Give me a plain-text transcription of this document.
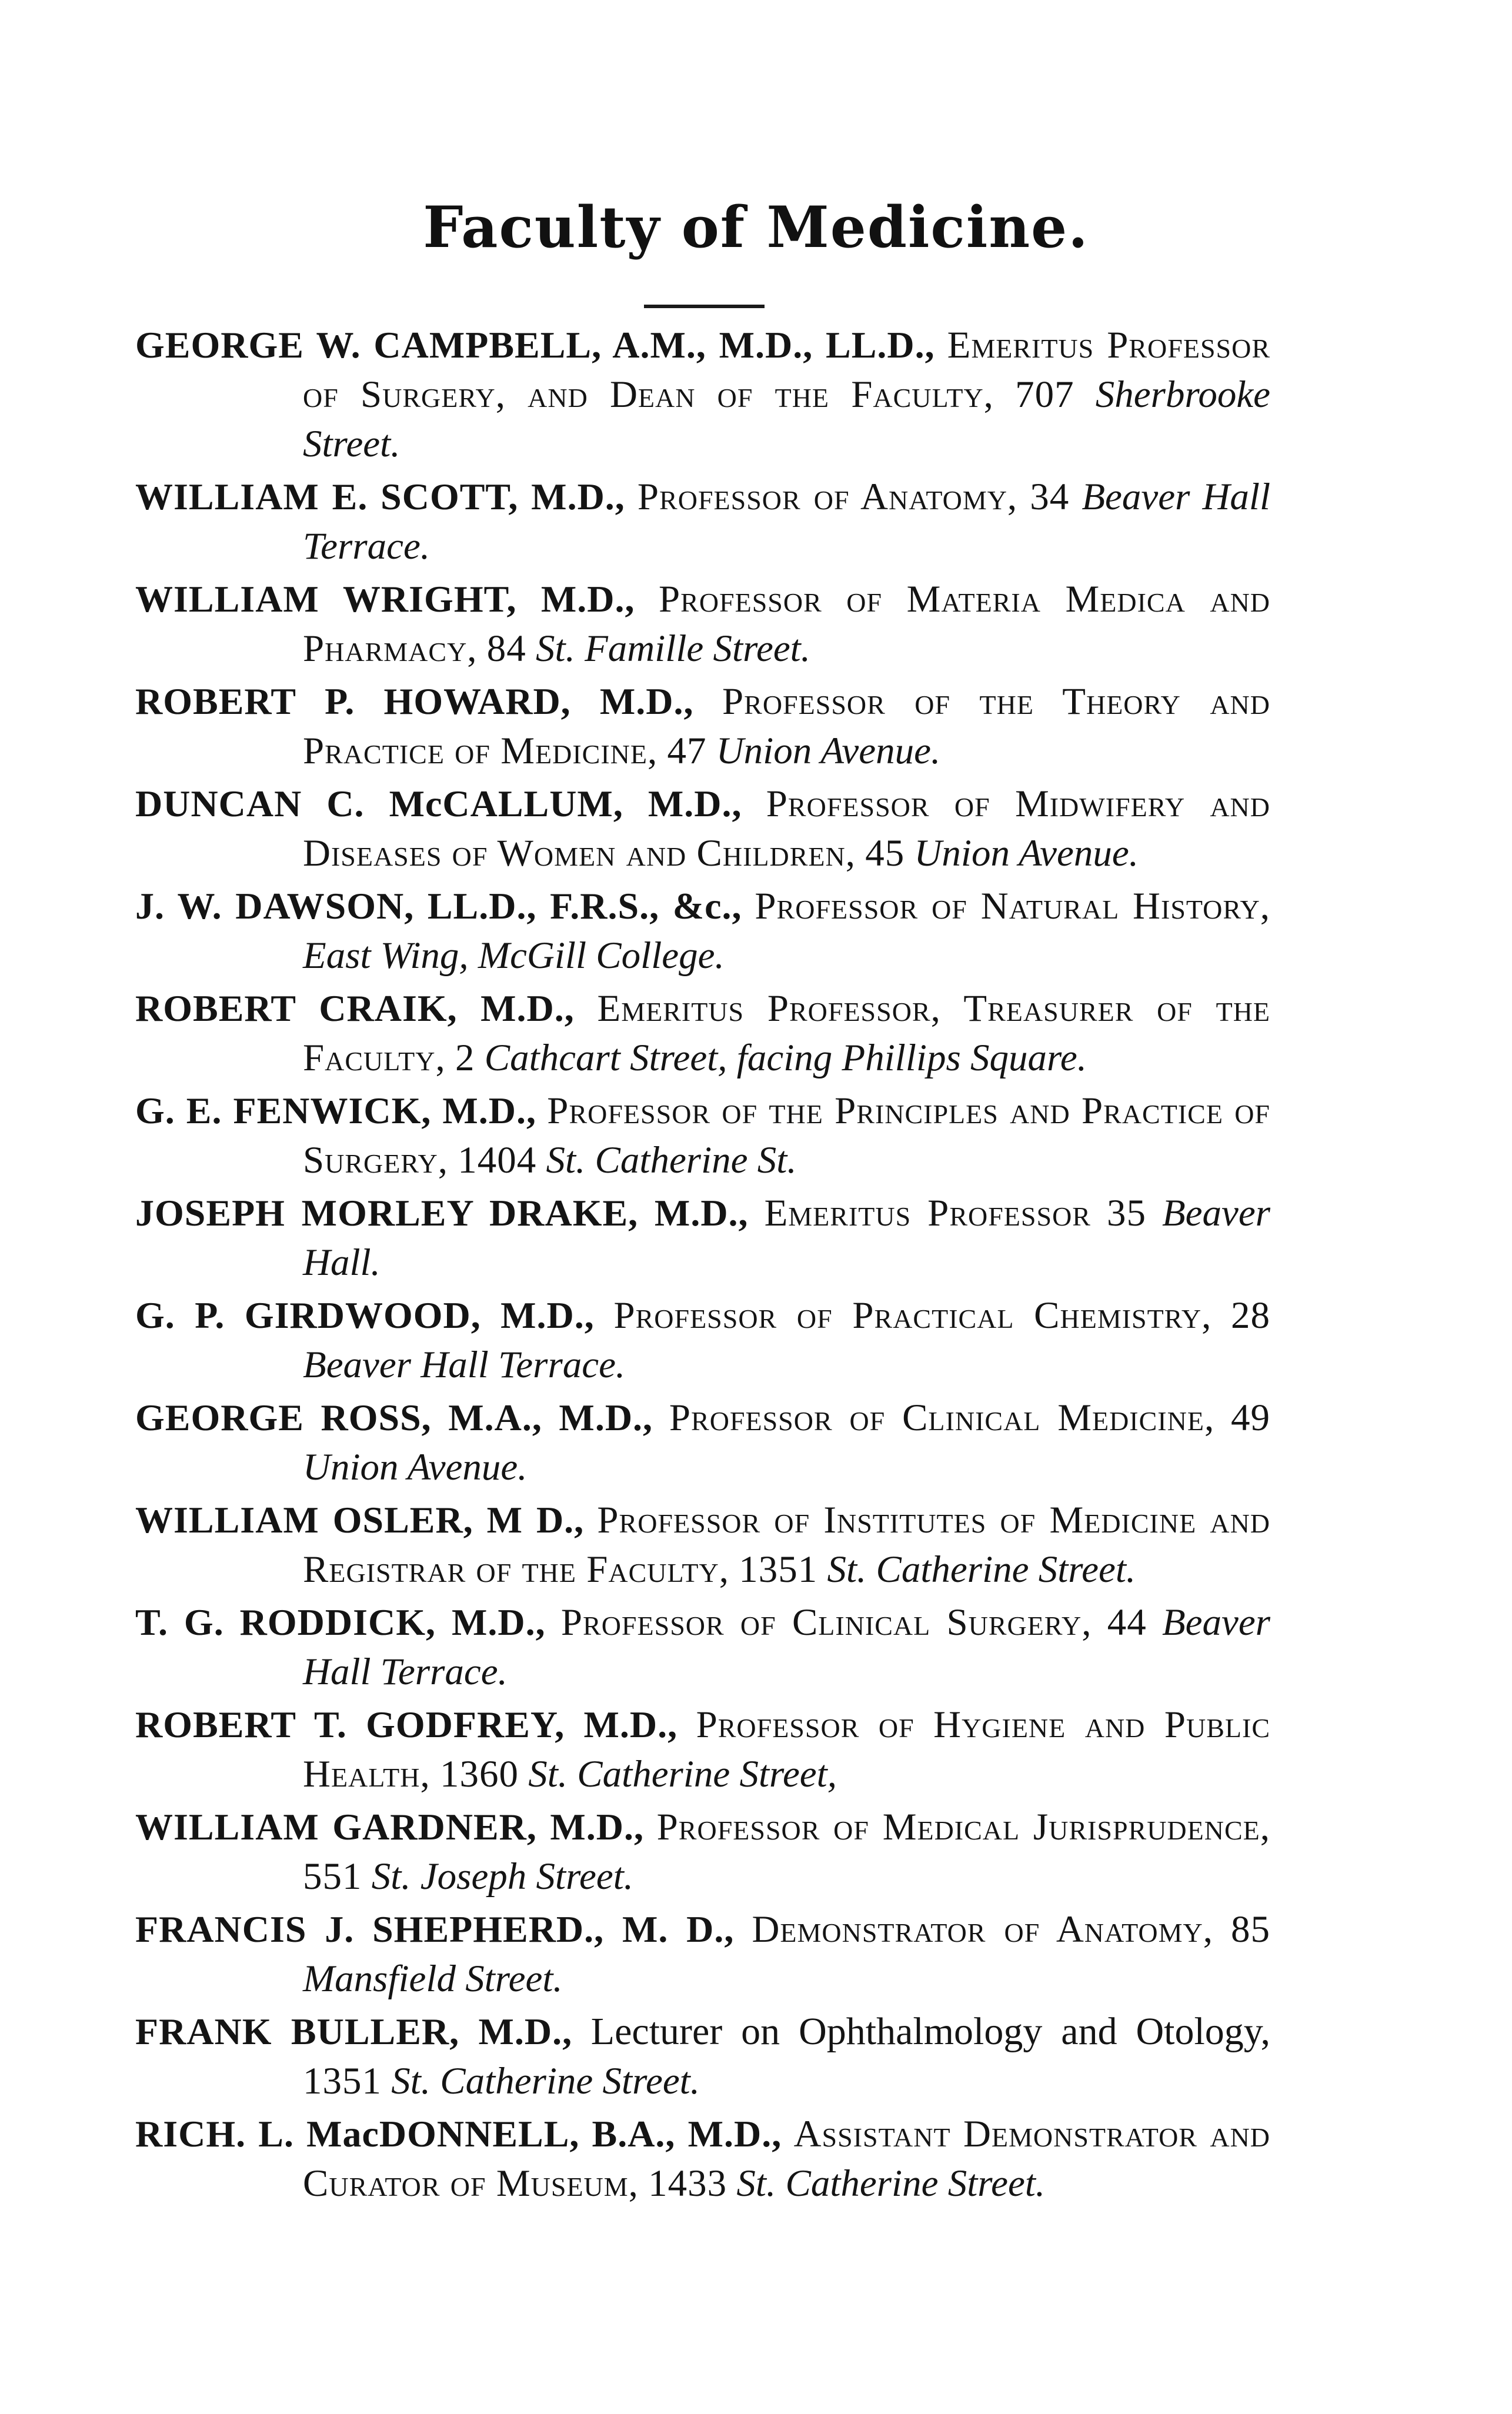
Faculty of Medicine.
GEORGE W. CAMPBELL, A.M., M.D., LL.D., Emeritus Professor of Surgery, and Dean of the Faculty, 707 Sherbrooke Street.
WILLIAM E. SCOTT, M.D., Professor of Anatomy, 34 Beaver Hall Terrace.
WILLIAM WRIGHT, M.D., Professor of Materia Medica and Pharmacy, 84 St. Famille Street.
ROBERT P. HOWARD, M.D., Professor of the Theory and Practice of Medicine, 47 Union Avenue.
DUNCAN C. McCALLUM, M.D., Professor of Midwifery and Diseases of Women and Children, 45 Union Avenue.
J. W. DAWSON, LL.D., F.R.S., &c., Professor of Natural History, East Wing, McGill College.
ROBERT CRAIK, M.D., Emeritus Professor, Treasurer of the Faculty, 2 Cathcart Street, facing Phillips Square.
G. E. FENWICK, M.D., Professor of the Principles and Practice of Surgery, 1404 St. Catherine St.
JOSEPH MORLEY DRAKE, M.D., Emeritus Professor 35 Beaver Hall.
G. P. GIRDWOOD, M.D., Professor of Practical Chemistry, 28 Beaver Hall Terrace.
GEORGE ROSS, M.A., M.D., Professor of Clinical Medicine, 49 Union Avenue.
WILLIAM OSLER, M D., Professor of Institutes of Medicine and Registrar of the Faculty, 1351 St. Catherine Street.
T. G. RODDICK, M.D., Professor of Clinical Surgery, 44 Beaver Hall Terrace.
ROBERT T. GODFREY, M.D., Professor of Hygiene and Public Health, 1360 St. Catherine Street,
WILLIAM GARDNER, M.D., Professor of Medical Jurisprudence, 551 St. Joseph Street.
FRANCIS J. SHEPHERD., M. D., Demonstrator of Anatomy, 85 Mansfield Street.
FRANK BULLER, M.D., Lecturer on Ophthalmology and Otology, 1351 St. Catherine Street.
RICH. L. MacDONNELL, B.A., M.D., Assistant Demonstrator and Curator of Museum, 1433 St. Catherine Street.
